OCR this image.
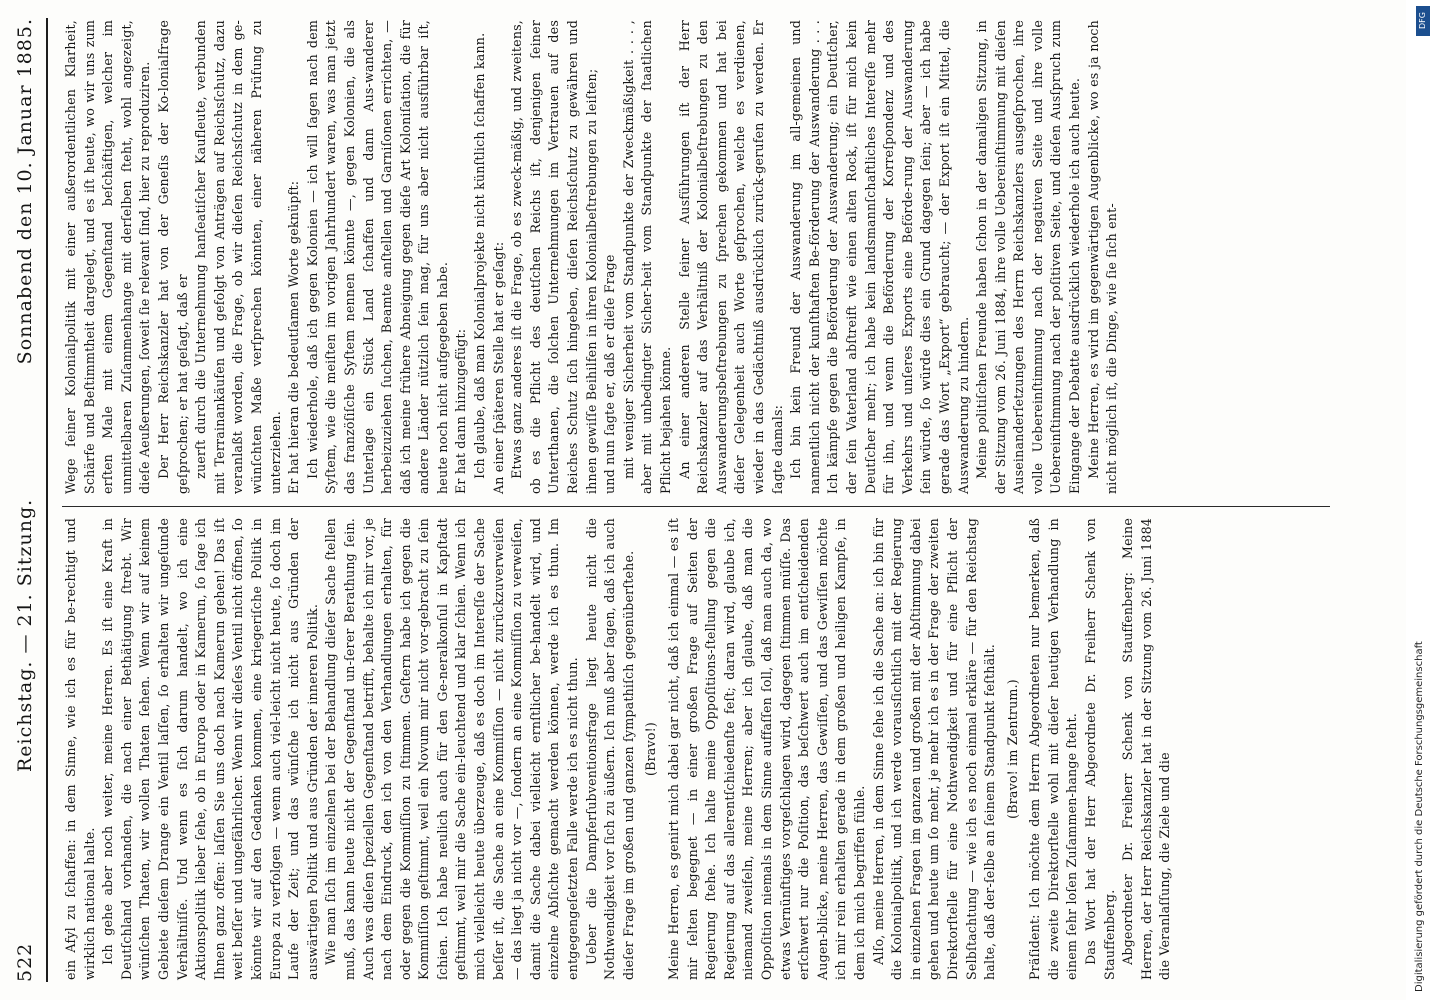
522
Reichstag. — 21. Sitzung.
Sonnabend den 10. Januar 1885.

ein Afyl zu ſchaffen: in dem Sinne, wie ich es für be-rechtigt und wirklich national halte. Ich gehe aber noch weiter, meine Herren. Es iſt eine Kraft in Deutſchland vorhanden, die nach einer Bethätigung ſtrebt. Wir wünſchen Thaten, wir wollen Thaten ſehen. Wenn wir auf keinem Gebiete dieſem Drange ein Ventil laſſen, ſo erhalten wir ungeſunde Verhältniſſe. Und wenn es ſich darum handelt, wo ich eine Aktionspolitik lieber ſehe, ob in Europa oder in Kamerun, ſo ſage ich Ihnen ganz offen: laſſen Sie uns doch nach Kamerun gehen! Das iſt weit beſſer und ungefährlicher. Wenn wir dieſes Ventil nicht öffnen, ſo könnte wir auf den Gedanken kommen, eine kriegeriſche Politik in Europa zu verfolgen — wenn auch viel-leicht nicht heute, ſo doch im Laufe der Zeit; und das wünſche ich nicht aus Gründen der auswärtigen Politik und aus Gründen der inneren Politik. Wie man ſich im einzelnen bei der Behandlung dieſer Sache ſtellen muß, das kann heute nicht der Gegenſtand un-ſerer Berathung ſein. Auch was dieſen ſpeziellen Gegenſtand betrifft, behalte ich mir vor, je nach dem Eindruck, den ich von den Verhandlungen erhalten, für oder gegen die Kommiſſion zu ſtimmen. Geſtern habe ich gegen die Kommiſſion geſtimmt, weil ein Novum mir nicht vor-gebracht zu ſein ſchien. Ich habe neulich auch für den Ge-neralkonſul in Kapſtadt geſtimmt, weil mir die Sache ein-leuchtend und klar ſchien. Wenn ich mich vielleicht heute überzeuge, daß es doch im Intereſſe der Sache beſſer iſt, die Sache an eine Kommiſſion — nicht zurückzuverweiſen — das liegt ja nicht vor —, ſondern an eine Kommiſſion zu verweiſen, damit die Sache dabei vielleicht ernſtlicher be-handelt wird, und einzelne Abſichte gemacht werden können, werde ich es thun. Im entgegengeſetzten Falle werde ich es nicht thun. Ueber die Dampferſubventionsfrage liegt heute nicht die Nothwendigkeit vor ſich zu äußern. Ich muß aber ſagen, daß ich auch dieſer Frage im großen und ganzen ſympathiſch gegenüberſtehe. (Bravo!) Meine Herren, es genirt mich dabei gar nicht, daß ich einmal — es iſt mir ſelten begegnet — in einer großen Frage auf Seiten der Regierung ſtehe. Ich halte meine Oppoſitions-ſtellung gegen die Regierung auf das allerentſchiedenſte feſt; daran wird, glaube ich, niemand zweifeln, meine Herren; aber ich glaube, daß man die Oppoſition niemals in dem Sinne auffaſſen ſoll, daß man auch da, wo etwas Vernünftiges vorgeſchlagen wird, dagegen ſtimmen müſſe. Das erſchwert nur die Poſition, das beſchwert auch im entſcheidenden Augen-blicke, meine Herren, das Gewiſſen, und das Gewiſſen möchte ich mir rein erhalten gerade in dem großen und heiligen Kampfe, in dem ich mich begriffen fühle. Alſo, meine Herren, in dem Sinne ſehe ich die Sache an: ich bin für die Kolonialpolitik, und ich werde vorausſichtlich mit der Regierung in einzelnen Fragen im ganzen und großen mit der Abſtimmung dabei gehen und heute um ſo mehr, je mehr ich es in der Frage der zweiten Direktorſtelle für eine Nothwendigkeit und für eine Pflicht der Selbſtachtung — wie ich es noch einmal erkläre — für den Reichstag halte, daß der-ſelbe an ſeinem Standpunkt feſthält. (Bravo! im Zentrum.) Präſident: Ich möchte dem Herrn Abgeordneten nur bemerken, daß die zweite Direktorſtelle wohl mit dieſer heutigen Verhandlung in einem ſehr loſen Zuſammen-hange ſteht. Das Wort hat der Herr Abgeordnete Dr. Freiherr Schenk von Stauffenberg. Abgeordneter Dr. Freiherr Schenk von Stauffenberg: Meine Herren, der Herr Reichskanzler hat in der Sitzung vom 26. Juni 1884 die Veranlaſſung, die Ziele und die

Wege ſeiner Kolonialpolitik mit einer außerordentlichen Klarheit, Schärfe und Beſtimmtheit dargelegt, und es iſt heute, wo wir uns zum erſten Male mit einem Gegenſtand beſchäftigen, welcher im unmittelbaren Zuſammenhange mit derſelben ſteht, wohl angezeigt, dieſe Aeußerungen, ſoweit ſie relevant ſind, hier zu reproduziren. Der Herr Reichskanzler hat von der Geneſis der Ko-lonialfrage geſprochen; er hat geſagt, daß er zuerſt durch die Unternehmung hanſeatiſcher Kaufleute, verbunden mit Terrainankäufen und gefolgt von Anträgen auf Reichsſchutz, dazu veranlaßt worden, die Frage, ob wir dieſen Reichsſchutz in dem ge-wünſchten Maße verſprechen könnten, einer näheren Prüfung zu unterziehen. Er hat hieran die bedeutſamen Worte geknüpft: Ich wiederhole, daß ich gegen Kolonien — ich will ſagen nach dem Syſtem, wie die meiſten im vorigen Jahrhundert waren, was man jetzt das franzöſiſche Syſtem nennen könnte —, gegen Kolonien, die als Unterlage ein Stück Land ſchaffen und dann Aus-wanderer herbeizuziehen ſuchen, Beamte anſtellen und Garniſonen errichten, — daß ich meine frühere Abneigung gegen dieſe Art Koloniſation, die für andere Länder nützlich ſein mag, für uns aber nicht ausführbar iſt, heute noch nicht aufgegeben habe. Er hat dann hinzugefügt: Ich glaube, daß man Kolonialprojekte nicht künſtlich ſchaffen kann. An einer ſpäteren Stelle hat er geſagt: Etwas ganz anderes iſt die Frage, ob es zweck-mäßig, und zweitens, ob es die Pflicht des deutſchen Reichs iſt, denjenigen ſeiner Unterthanen, die ſolchen Unternehmungen im Vertrauen auf des Reiches Schutz ſich hingeben, dieſen Reichsſchutz zu gewähren und ihnen gewiſſe Beihilfen in ihren Kolonialbeſtrebungen zu leiſten; und nun ſagte er, daß er dieſe Frage mit weniger Sicherheit vom Standpunkte der Zweckmäßigkeit . . . , aber mit unbedingter Sicher-heit vom Standpunkte der ſtaatlichen Pflicht bejahen könne. An einer anderen Stelle ſeiner Ausführungen iſt der Herr Reichskanzler auf das Verhältniß der Kolonialbeſtrebungen zu den Auswanderungsbeſtrebungen zu ſprechen gekommen und hat bei dieſer Gelegenheit auch Worte geſprochen, welche es verdienen, wieder in das Gedächtniß ausdrücklich zurück-gerufen zu werden. Er ſagte damals: Ich bin kein Freund der Auswanderung im all-gemeinen und namentlich nicht der kunſthaften Be-förderung der Auswanderung . . . Ich kämpfe gegen die Beförderung der Auswanderung; ein Deutſcher, der ſein Vaterland abſtreift wie einen alten Rock, iſt für mich kein Deutſcher mehr; ich habe kein landsmannſchaftliches Intereſſe mehr für ihn, und wenn die Beförderung der Korreſpondenz und des Verkehrs und unſeres Exports eine Beförde-rung der Auswanderung ſein würde, ſo würde dies ein Grund dagegen ſein; aber — ich habe gerade das Wort „Export“ gebraucht; — der Export iſt ein Mittel, die Auswanderung zu hindern. Meine politiſchen Freunde haben ſchon in der damaligen Sitzung, in der Sitzung vom 26. Juni 1884, ihre volle Uebereinſtimmung mit dieſen Auseinanderſetzungen des Herrn Reichskanzlers ausgeſprochen, ihre volle Uebereinſtimmung nach der negativen Seite und ihre volle Uebereinſtimmung nach der poſitiven Seite, und dieſen Ausſpruch zum Eingange der Debatte ausdrücklich wiederhole ich auch heute. Meine Herren, es wird im gegenwärtigen Augenblicke, wo es ja noch nicht möglich iſt, die Dinge, wie ſie ſich ent-

Digitalisierung gefördert durch die Deutsche Forschungsgemeinschaft
DFG
